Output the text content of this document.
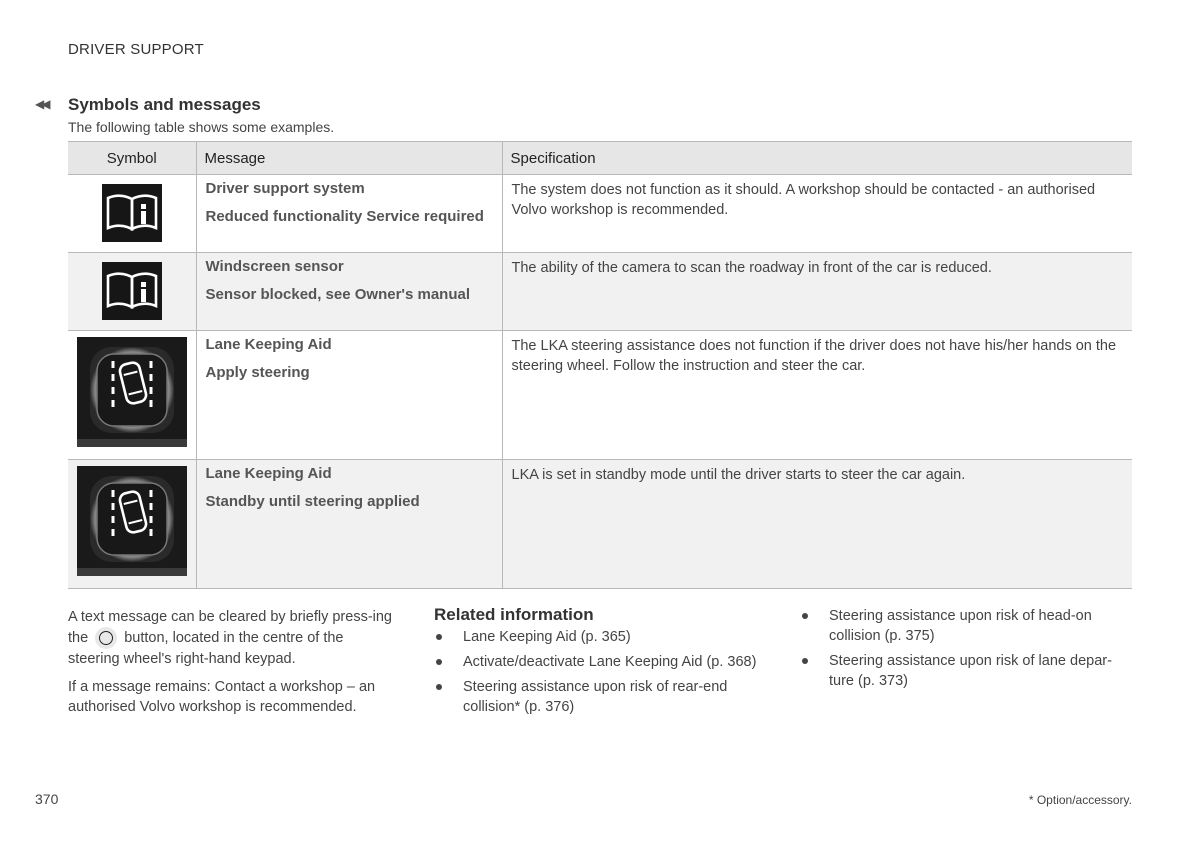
DRIVER SUPPORT
◀◀ Symbols and messages
The following table shows some examples.
Symbol	Message	Specification

Driver support system
Reduced functionality Service required	The system does not function as it should. A workshop should be contacted - an authorised Volvo workshop is recommended.

Windscreen sensor
Sensor blocked, see Owner's manual	The ability of the camera to scan the roadway in front of the car is reduced.

Lane Keeping Aid
Apply steering	The LKA steering assistance does not function if the driver does not have his/her hands on the steering wheel. Follow the instruction and steer the car.

Lane Keeping Aid
Standby until steering applied	LKA is set in standby mode until the driver starts to steer the car again.

A text message can be cleared by briefly press-ing the button, located in the centre of the steering wheel's right-hand keypad.

If a message remains: Contact a workshop – an authorised Volvo workshop is recommended.

Related information
Lane Keeping Aid (p. 365)
Activate/deactivate Lane Keeping Aid (p. 368)
Steering assistance upon risk of rear-end collision* (p. 376)
Steering assistance upon risk of head-on collision (p. 375)
Steering assistance upon risk of lane depar-ture (p. 373)
370	* Option/accessory.
